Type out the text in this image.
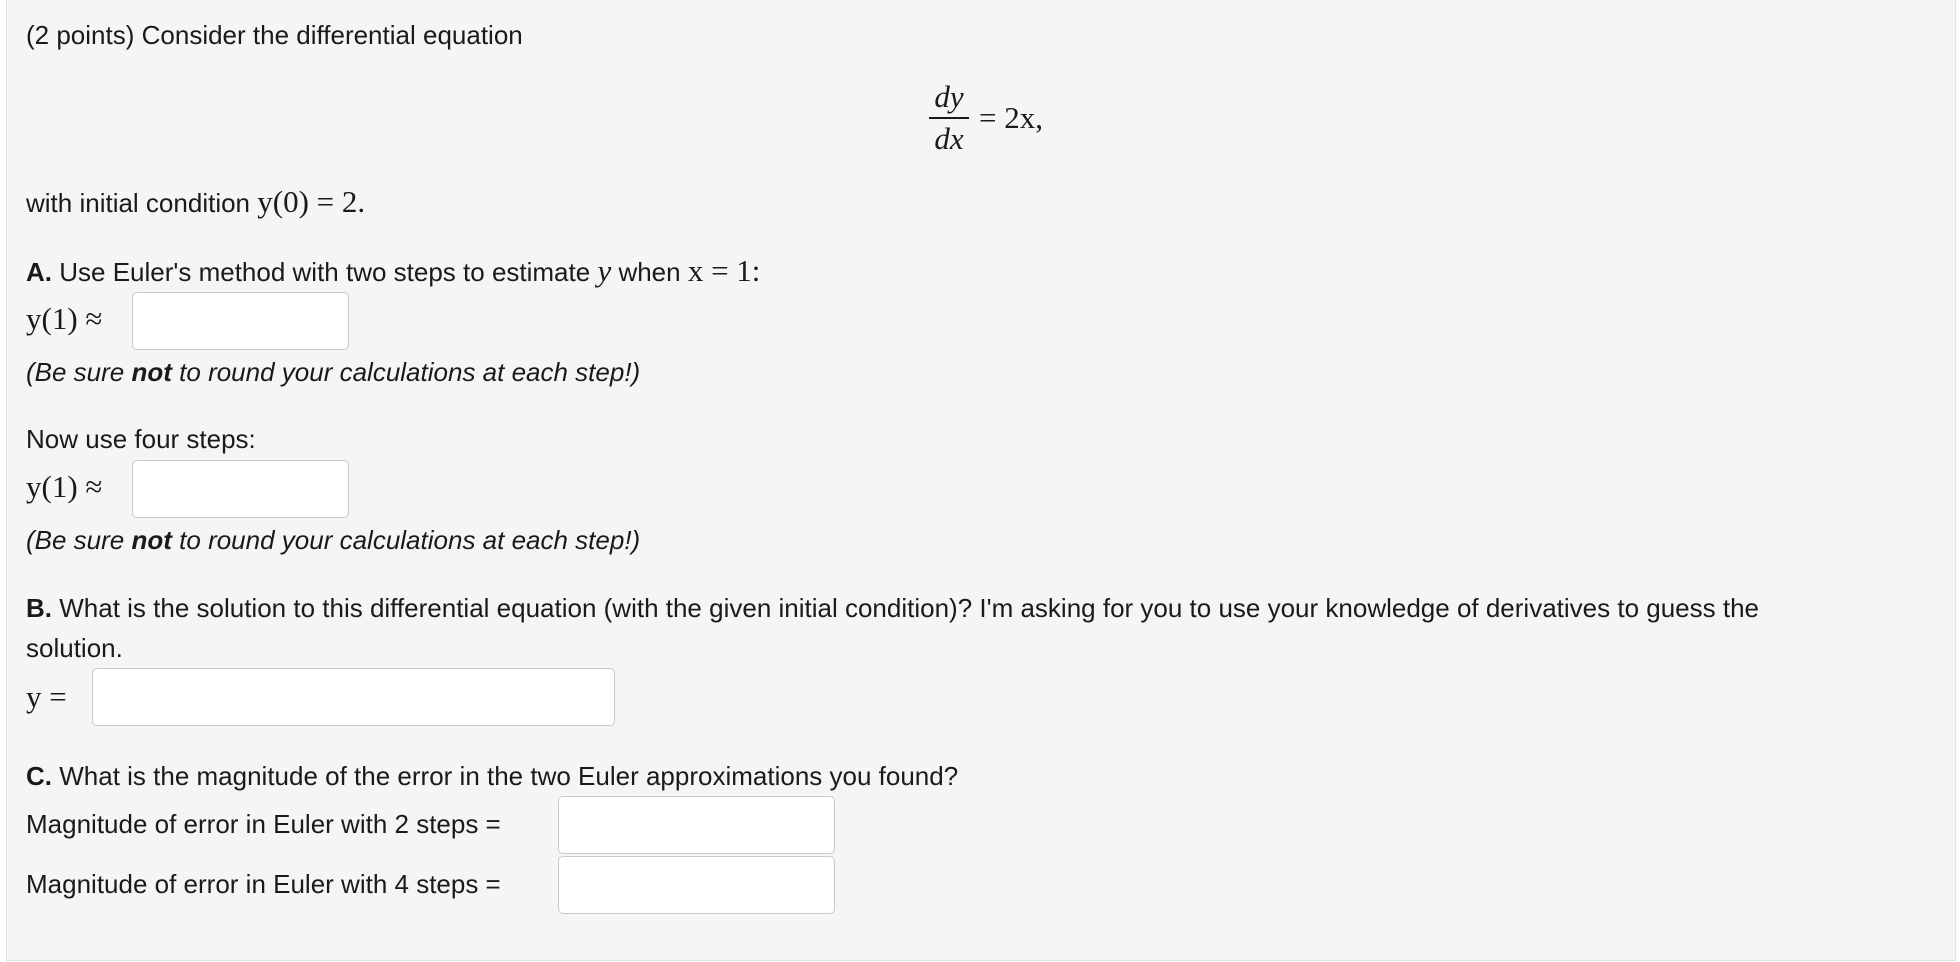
(2 points) Consider the differential equation
dy
dx
= 2x,
with initial condition y(0) = 2.
A. Use Euler's method with two steps to estimate y when x = 1:
y(1) ≈
(Be sure not to round your calculations at each step!)
Now use four steps:
y(1) ≈
(Be sure not to round your calculations at each step!)
B. What is the solution to this differential equation (with the given initial condition)? I'm asking for you to use your knowledge of derivatives to guess the
solution.
y =
C. What is the magnitude of the error in the two Euler approximations you found?
Magnitude of error in Euler with 2 steps =
Magnitude of error in Euler with 4 steps =
